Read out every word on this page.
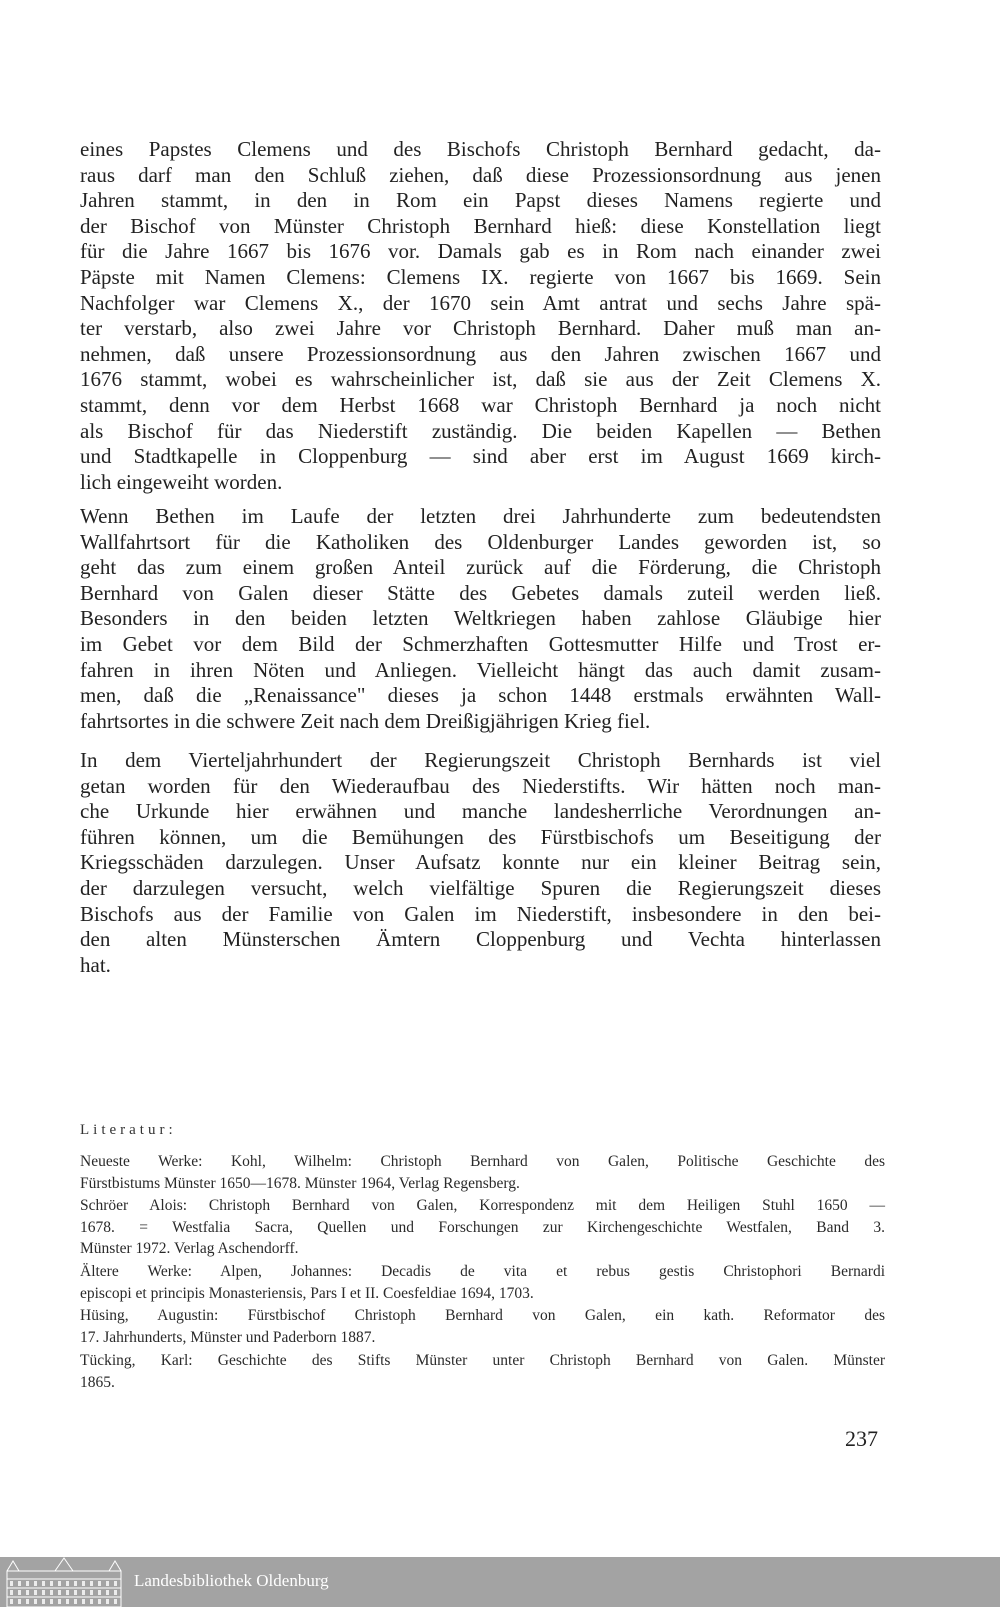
eines Papstes Clemens und des Bischofs Christoph Bernhard gedacht, da-
raus darf man den Schluß ziehen, daß diese Prozessionsordnung aus jenen
Jahren stammt, in den in Rom ein Papst dieses Namens regierte und
der Bischof von Münster Christoph Bernhard hieß: diese Konstellation liegt
für die Jahre 1667 bis 1676 vor. Damals gab es in Rom nach einander zwei
Päpste mit Namen Clemens: Clemens IX. regierte von 1667 bis 1669. Sein
Nachfolger war Clemens X., der 1670 sein Amt antrat und sechs Jahre spä-
ter verstarb, also zwei Jahre vor Christoph Bernhard. Daher muß man an-
nehmen, daß unsere Prozessionsordnung aus den Jahren zwischen 1667 und
1676 stammt, wobei es wahrscheinlicher ist, daß sie aus der Zeit Clemens X.
stammt, denn vor dem Herbst 1668 war Christoph Bernhard ja noch nicht
als Bischof für das Niederstift zuständig. Die beiden Kapellen — Bethen
und Stadtkapelle in Cloppenburg — sind aber erst im August 1669 kirch-
lich eingeweiht worden.
Wenn Bethen im Laufe der letzten drei Jahrhunderte zum bedeutendsten
Wallfahrtsort für die Katholiken des Oldenburger Landes geworden ist, so
geht das zum einem großen Anteil zurück auf die Förderung, die Christoph
Bernhard von Galen dieser Stätte des Gebetes damals zuteil werden ließ.
Besonders in den beiden letzten Weltkriegen haben zahlose Gläubige hier
im Gebet vor dem Bild der Schmerzhaften Gottesmutter Hilfe und Trost er-
fahren in ihren Nöten und Anliegen. Vielleicht hängt das auch damit zusam-
men, daß die „Renaissance" dieses ja schon 1448 erstmals erwähnten Wall-
fahrtsortes in die schwere Zeit nach dem Dreißigjährigen Krieg fiel.
In dem Vierteljahrhundert der Regierungszeit Christoph Bernhards ist viel
getan worden für den Wiederaufbau des Niederstifts. Wir hätten noch man-
che Urkunde hier erwähnen und manche landesherrliche Verordnungen an-
führen können, um die Bemühungen des Fürstbischofs um Beseitigung der
Kriegsschäden darzulegen. Unser Aufsatz konnte nur ein kleiner Beitrag sein,
der darzulegen versucht, welch vielfältige Spuren die Regierungszeit dieses
Bischofs aus der Familie von Galen im Niederstift, insbesondere in den bei-
den alten Münsterschen Ämtern Cloppenburg und Vechta hinterlassen
hat.
Literatur:
Neueste Werke: Kohl, Wilhelm: Christoph Bernhard von Galen, Politische Geschichte des
Fürstbistums Münster 1650—1678. Münster 1964, Verlag Regensberg.
Schröer Alois: Christoph Bernhard von Galen, Korrespondenz mit dem Heiligen Stuhl 1650 —
1678. = Westfalia Sacra, Quellen und Forschungen zur Kirchengeschichte Westfalen, Band 3.
Münster 1972. Verlag Aschendorff.
Ältere Werke: Alpen, Johannes: Decadis de vita et rebus gestis Christophori Bernardi
episcopi et principis Monasteriensis, Pars I et II. Coesfeldiae 1694, 1703.
Hüsing, Augustin: Fürstbischof Christoph Bernhard von Galen, ein kath. Reformator des
17. Jahrhunderts, Münster und Paderborn 1887.
Tücking, Karl: Geschichte des Stifts Münster unter Christoph Bernhard von Galen. Münster
1865.
237
Landesbibliothek Oldenburg
